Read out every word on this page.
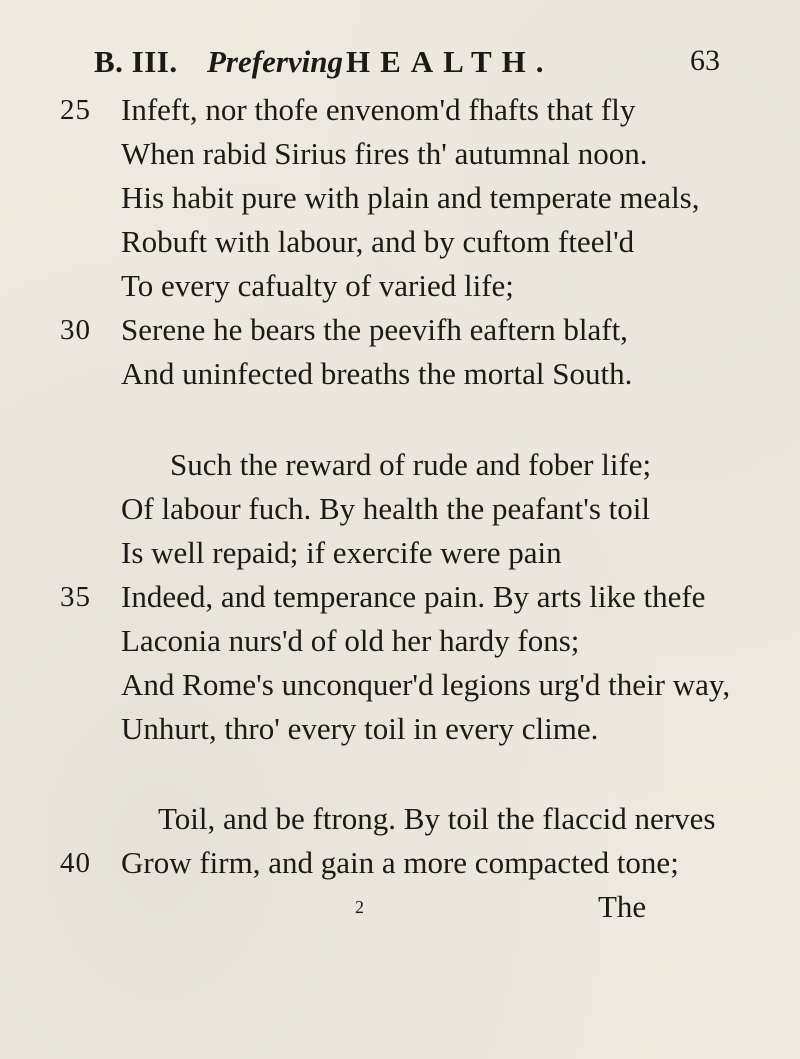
B. III. Preferving HEALTH.	63
25 Infeft, nor thofe envenom'd fhafts that fly
When rabid Sirius fires th' autumnal noon.
His habit pure with plain and temperate meals,
Robuft with labour, and by cuftom fteel'd
To every cafualty of varied life;
30 Serene he bears the peevifh eaftern blaft,
And uninfected breaths the mortal South.
Such the reward of rude and fober life;
Of labour fuch. By health the peafant's toil
Is well repaid; if exercife were pain
35 Indeed, and temperance pain. By arts like thefe
Laconia nurs'd of old her hardy fons;
And Rome's unconquer'd legions urg'd their way,
Unhurt, thro' every toil in every clime.
Toil, and be ftrong. By toil the flaccid nerves
40 Grow firm, and gain a more compacted tone;
2	The
